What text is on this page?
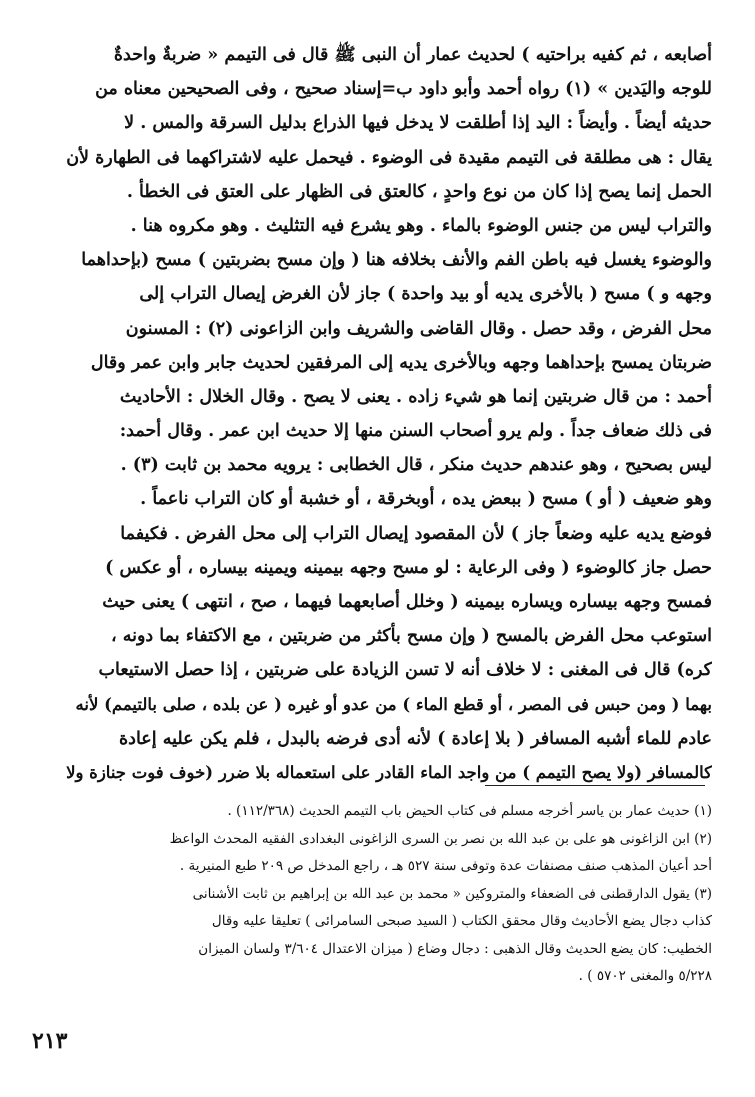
أصابعه ، ثم كفيه براحتيه ) لحديث عمار أن النبى ﷺ قال فى التيمم « ضربةٌ واحدةٌ
للوجه واليَدين » (١) رواه أحمد وأبو داود ب=إسناد صحيح ، وفى الصحيحين معناه من
حديثه أيضاً . وأيضاً : اليد إذا أطلقت لا يدخل فيها الذراع بدليل السرقة والمس . لا
يقال : هى مطلقة فى التيمم مقيدة فى الوضوء . فيحمل عليه لاشتراكهما فى الطهارة لأن
الحمل إنما يصح إذا كان من نوع واحدٍ ، كالعتق فى الظهار على العتق فى الخطأ .
والتراب ليس من جنس الوضوء بالماء . وهو يشرع فيه التثليث . وهو مكروه هنا .
والوضوء يغسل فيه باطن الفم والأنف بخلافه هنا ( وإن مسح بضربتين ) مسح (بإحداهما
وجهه و ) مسح ( بالأخرى يديه أو بيد واحدة ) جاز لأن الغرض إيصال التراب إلى
محل الفرض ، وقد حصل . وقال القاضى والشريف وابن الزاعونى (٢) : المسنون
ضربتان يمسح بإحداهما وجهه وبالأخرى يديه إلى المرفقين لحديث جابر وابن عمر وقال
أحمد : من قال ضربتين إنما هو شيء زاده . يعنى لا يصح . وقال الخلال : الأحاديث
فى ذلك ضعاف جداً . ولم يرو أصحاب السنن منها إلا حديث ابن عمر . وقال أحمد:
ليس بصحيح ، وهو عندهم حديث منكر ، قال الخطابى : يرويه محمد بن ثابت (٣) .
وهو ضعيف ( أو ) مسح ( ببعض يده ، أوبخرقة ، أو خشبة أو كان التراب ناعماً .
فوضع يديه عليه وضعاً جاز ) لأن المقصود إيصال التراب إلى محل الفرض . فكيفما
حصل جاز كالوضوء ( وفى الرعاية : لو مسح وجهه بيمينه ويمينه بيساره ، أو عكس )
فمسح وجهه بيساره ويساره بيمينه ( وخلل أصابعهما فيهما ، صح ، انتهى ) يعنى حيث
استوعب محل الفرض بالمسح ( وإن مسح بأكثر من ضربتين ، مع الاكتفاء بما دونه ،
كره) قال فى المغنى : لا خلاف أنه لا تسن الزيادة على ضربتين ، إذا حصل الاستيعاب
بهما ( ومن حبس فى المصر ، أو قطع الماء ) من عدو أو غيره ( عن بلده ، صلى بالتيمم) لأنه
عادم للماء أشبه المسافر ( بلا إعادة ) لأنه أدى فرضه بالبدل ، فلم يكن عليه إعادة
كالمسافر (ولا يصح التيمم ) من واجد الماء القادر على استعماله بلا ضرر (خوف فوت جنازة ولا
(١) حديث عمار بن ياسر أخرجه مسلم فى كتاب الحيض باب التيمم الحديث (١١٢/٣٦٨) .
(٢) ابن الزاغونى هو على بن عبد الله بن نصر بن السرى الزاغونى البغدادى الفقيه المحدث الواعظ
أحد أعيان المذهب صنف مصنفات عدة وتوفى سنة ٥٢٧ هـ ، راجع المدخل ص ٢٠٩ طبع المنيرية .
(٣) يقول الدارقطنى فى الضعفاء والمتروكين « محمد بن عبد الله بن إبراهيم بن ثابت الأشنانى
كذاب دجال يضع الأحاديث وقال محقق الكتاب ( السيد صبحى السامرائى ) تعليقا عليه وقال
الخطيب: كان يضع الحديث وقال الذهبى : دجال وضاع ( ميزان الاعتدال ٣/٦٠٤ ولسان الميزان
٥/٢٢٨ والمغنى ٥٧٠٢ ) .
٢١٣
